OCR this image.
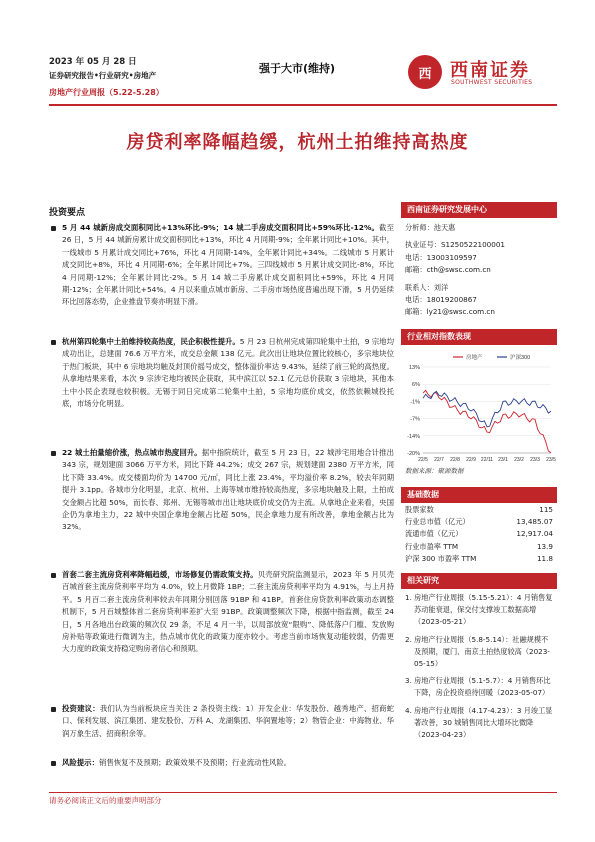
2023 年 05 月 28 日
证券研究报告•行业研究•房地产
房地产行业周报（5.22-5.28）
强于大市(维持)	西	西南证券
SOUTHWEST SECURITIES
房贷利率降幅趋缓，杭州土拍维持高热度
投资要点
5 月 44 城新房成交面积同比+13%环比-9%；14 城二手房成交面积同比+59%环比-12%。截至 26 日，5 月 44 城新房累计成交面积同比+13%，环比 4 月同期-9%；全年累计同比+10%。其中，一线城市 5 月累计成交同比+76%，环比 4 月同期-14%，全年累计同比+34%。二线城市 5 月累计成交同比+8%，环比 4 月同期-6%；全年累计同比+7%。三四线城市 5 月累计成交同比-8%，环比 4 月同期-12%；全年累计同比-2%。5 月 14 城二手房累计成交面积同比+59%，环比 4 月同期-12%；全年累计同比+54%。4 月以来重点城市新房、二手房市场热度普遍出现下滑，5 月仍延续环比回落态势，企业推盘节奏亦明显下滑。
杭州第四轮集中土拍维持较高热度，民企积极性提升。5 月 23 日杭州完成第四轮集中土拍，9 宗地均成功出让，总建面 76.6 万平方米，成交总金额 138 亿元。此次出让地块位置比较核心，多宗地块位于热门板块，其中 6 宗地块均触及封顶价摇号成交，整体溢价率达 9.43%，延续了前三轮的高热度。从拿地结果来看，本次 9 宗涉宅地均被民企获取，其中滨江以 52.1 亿元总价获取 3 宗地块，其他本土中小民企表现也较积极。无锡于同日完成第二轮集中土拍，5 宗地均底价成交，依然依赖城投托底，市场分化明显。
22 城土拍量缩价涨，热点城市热度回升。据中指院统计，截至 5 月 23 日，22 城涉宅用地合计推出 343 宗，规划建面 3066 万平方米，同比下降 44.2%；成交 267 宗，规划建面 2380 万平方米，同比下降 33.4%。成交楼面均价为 14700 元/㎡，同比上涨 23.4%，平均溢价率 8.2%，较去年同期提升 3.1pp。各城市分化明显，北京、杭州、上海等城市维持较高热度，多宗地块触及上限，土拍成交金额占比超 50%，而长春、郑州、无锡等城市出让地块底价成交仍为主流。从拿地企业来看，央国企仍为拿地主力，22 城中央国企拿地金额占比超 50%，民企拿地力度有所改善，拿地金额占比为 32%。
首套二套主流房贷利率降幅趋缓，市场修复仍需政策支持。贝壳研究院监测显示，2023 年 5 月贝壳百城首套主流房贷利率平均为 4.0%，较上月微降 1BP；二套主流房贷利率平均为 4.91%，与上月持平。5 月百二套主流房贷利率较去年同期分别回落 91BP 和 41BP。首套住房贷款利率政策动态调整机制下，5 月百城整体首二套房贷利率差扩大至 91BP。政策调整频次下降，根据中指监测，截至 24 日，5 月各地出台政策的频次仅 29 条，不足 4 月一半，以局部放宽“限购”、降低落户门槛、发放购房补贴等政策进行微调为主，热点城市优化的政策力度亦较小。考虑当前市场恢复动能较弱，仍需更大力度的政策支持稳定购房者信心和预期。
投资建议：我们认为当前板块应当关注 2 条投资主线：1）开发企业：华发股份、越秀地产、招商蛇口、保利发展、滨江集团、建发股份、万科 A、龙湖集团、华润置地等；2）物管企业：中海物业、华润万象生活、招商积余等。
风险提示：销售恢复不及预期；政策效果不及预期；行业流动性风险。
西南证券研究发展中心
分析师： 池天惠
执业证号： S1250522100001
电话： 13003109597
邮箱： cth@swsc.com.cn
联系人： 刘洋
电话： 18019200867
邮箱： ly21@swsc.com.cn
行业相对指数表现
13%
6%
-1%
-7%
-14%
-20%
22/5 22/7 22/8 22/9 22/11 23/1 23/2 23/3 23/5
房地产	沪深300
数据来源：聚源数据
基础数据
股票家数	115
行业总市值（亿元）	13,485.07
流通市值（亿元）	12,917.04
行业市盈率 TTM	13.9
沪深 300 市盈率 TTM	11.8
相关研究
1. 房地产行业周报（5.15-5.21）：4 月销售复苏动能衰退，保交付支撑竣工数据高增（2023-05-21）
2. 房地产行业周报（5.8-5.14）：社融规模不及预期，厦门、南京土拍热度较高（2023-05-15）
3. 房地产行业周报（5.1-5.7）：4 月销售环比下降，房企投资亟待回暖（2023-05-07）
4. 房地产行业周报（4.17-4.23）：3 月竣工显著改善，30 城销售同比大增环比微降（2023-04-23）
请务必阅读正文后的重要声明部分
